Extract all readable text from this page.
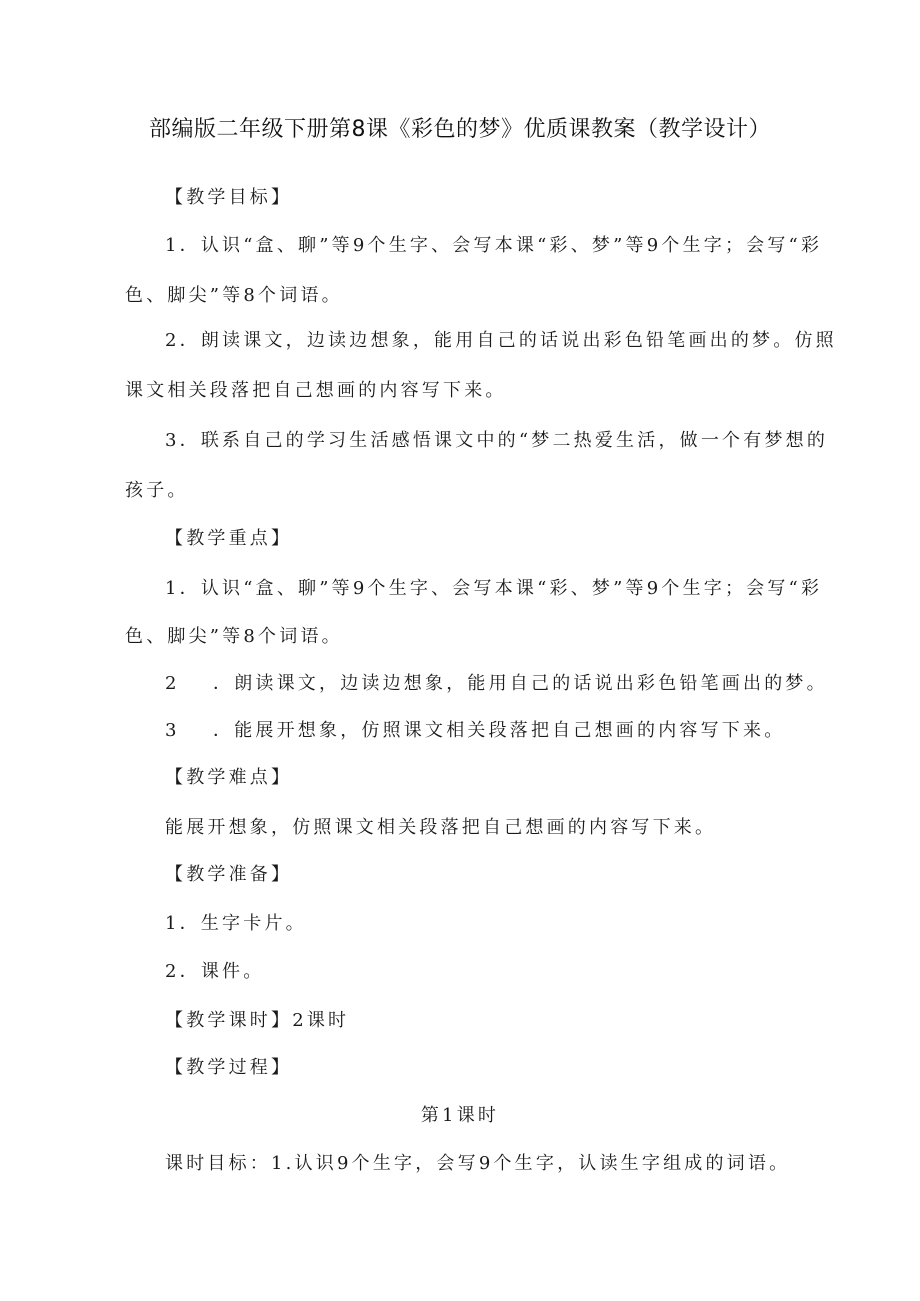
部编版二年级下册第8课《彩色的梦》优质课教案（教学设计）
【教学目标】
1．认识“盒、聊”等9个生字、会写本课“彩、梦”等9个生字；会写“彩
色、脚尖”等8个词语。
2．朗读课文，边读边想象，能用自己的话说出彩色铅笔画出的梦。仿照
课文相关段落把自己想画的内容写下来。
3．联系自己的学习生活感悟课文中的“梦二热爱生活，做一个有梦想的
孩子。
【教学重点】
1．认识“盒、聊”等9个生字、会写本课“彩、梦”等9个生字；会写“彩
色、脚尖”等8个词语。
2 ．朗读课文，边读边想象，能用自己的话说出彩色铅笔画出的梦。
3 ．能展开想象，仿照课文相关段落把自己想画的内容写下来。
【教学难点】
能展开想象，仿照课文相关段落把自己想画的内容写下来。
【教学准备】
1．生字卡片。
2．课件。
【教学课时】2课时
【教学过程】
第1课时
课时目标：1.认识9个生字，会写9个生字，认读生字组成的词语。
